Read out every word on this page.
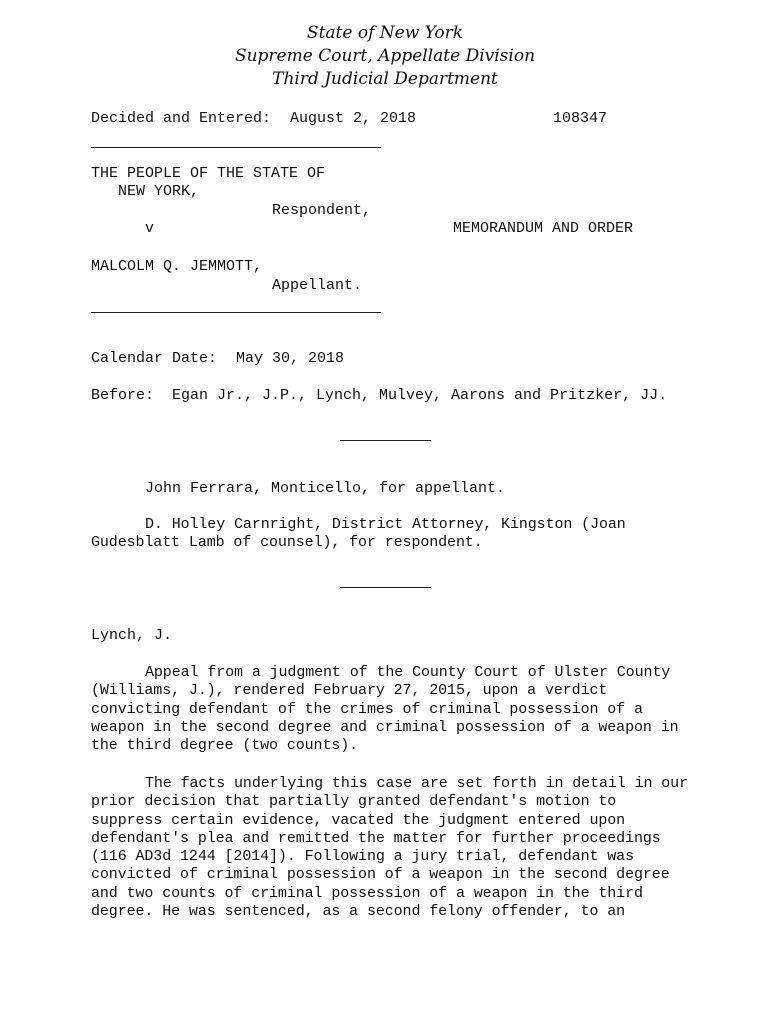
State of New York
Supreme Court, Appellate Division
Third Judicial Department
Decided and Entered: August 2, 2018	108347
THE PEOPLE OF THE STATE OF
NEW YORK,
Respondent,
v	MEMORANDUM AND ORDER
MALCOLM Q. JEMMOTT,
Appellant.
Calendar Date: May 30, 2018
Before: Egan Jr., J.P., Lynch, Mulvey, Aarons and Pritzker, JJ.
John Ferrara, Monticello, for appellant.
D. Holley Carnright, District Attorney, Kingston (Joan Gudesblatt Lamb of counsel), for respondent.
Lynch, J.
Appeal from a judgment of the County Court of Ulster County (Williams, J.), rendered February 27, 2015, upon a verdict convicting defendant of the crimes of criminal possession of a weapon in the second degree and criminal possession of a weapon in the third degree (two counts).
The facts underlying this case are set forth in detail in our prior decision that partially granted defendant's motion to suppress certain evidence, vacated the judgment entered upon defendant's plea and remitted the matter for further proceedings (116 AD3d 1244 [2014]). Following a jury trial, defendant was convicted of criminal possession of a weapon in the second degree and two counts of criminal possession of a weapon in the third degree. He was sentenced, as a second felony offender, to an
